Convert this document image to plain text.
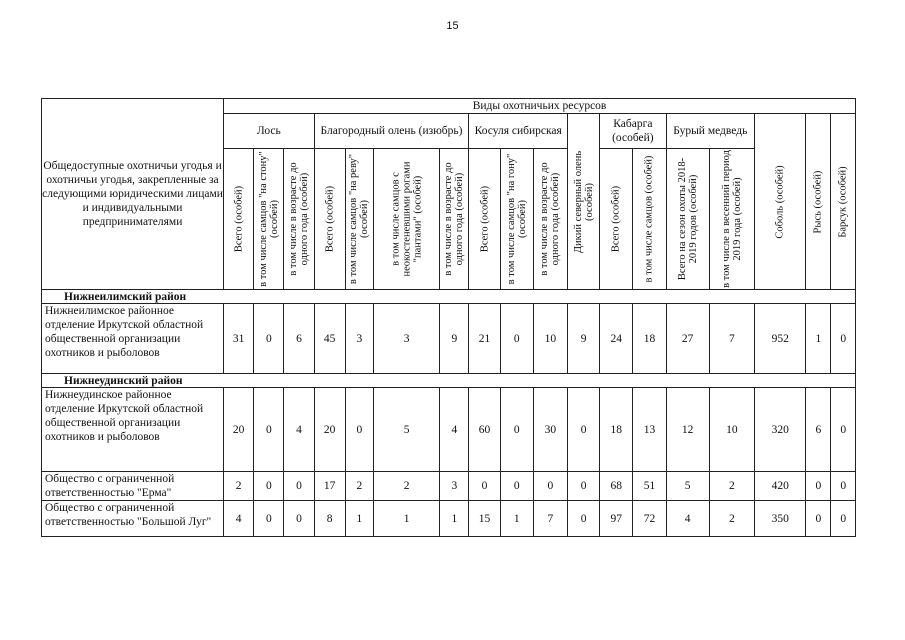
15
Общедоступные охотничьи угодья и охотничьи угодья, закрепленные за следующими юридическими лицами и индивидуальными предпринимателями	Виды охотничьих ресурсов																	
	Лось			Благородный олень (изюбрь)				Косуля сибирская			Дикий северный олень (особей)	Кабарга (особей)		Бурый медведь		Соболь (особей)	Рысь (особей)	Барсук (особей)

	Всего (особей)	в том числе самцов "на стону" (особей)	в том числе в возрасте до одного года (особей)	Всего (особей)	в том числе самцов "на реву" (особей)	в том числе самцов с неокостеневшими рогами "пантами" (особей)	в том числе в возрасте до одного года (особей)	Всего (особей)	в том числе самцов "на гону" (особей)	в том числе в возрасте до одного года (особей)		Всего (особей)	в том числе самцов (особей)	Всего на сезон охоты 2018-2019 годов (особей)	в том числе в весенний период 2019 года (особей)			

Нижнеилимский район																		
Нижнеилимское районное отделение Иркутской областной общественной организации охотников и рыболовов	31	0	6	45	3	3	9	21	0	10	9	24	18	27	7	952	1	0
Нижнеудинский район																		
Нижнеудинское районное отделение Иркутской областной общественной организации охотников и рыболовов	20	0	4	20	0	5	4	60	0	30	0	18	13	12	10	320	6	0
Общество с ограниченной ответственностью "Ерма"	2	0	0	17	2	2	3	0	0	0	0	68	51	5	2	420	0	0
Общество с ограниченной ответственностью "Большой Луг"	4	0	0	8	1	1	1	15	1	7	0	97	72	4	2	350	0	0
